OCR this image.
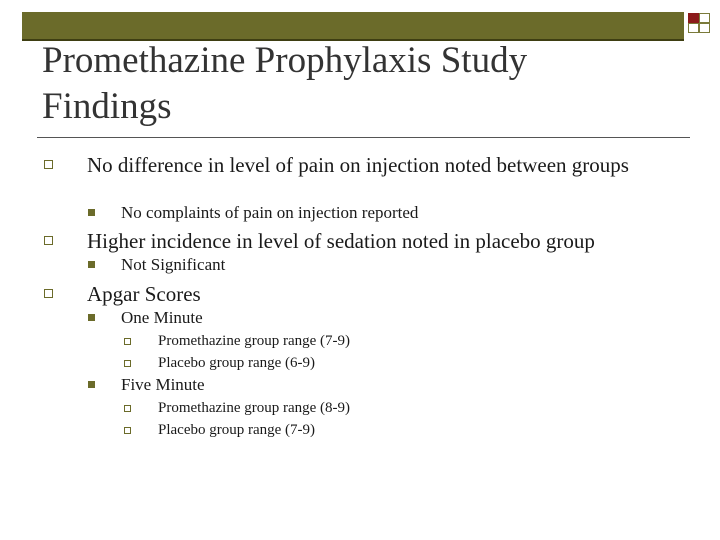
Promethazine Prophylaxis Study Findings
No difference in level of pain on injection noted between groups
No complaints of pain on injection reported
Higher incidence in level of sedation noted in placebo group
Not Significant
Apgar Scores
One Minute
Promethazine group range (7-9)
Placebo group range (6-9)
Five Minute
Promethazine group range (8-9)
Placebo group range (7-9)
